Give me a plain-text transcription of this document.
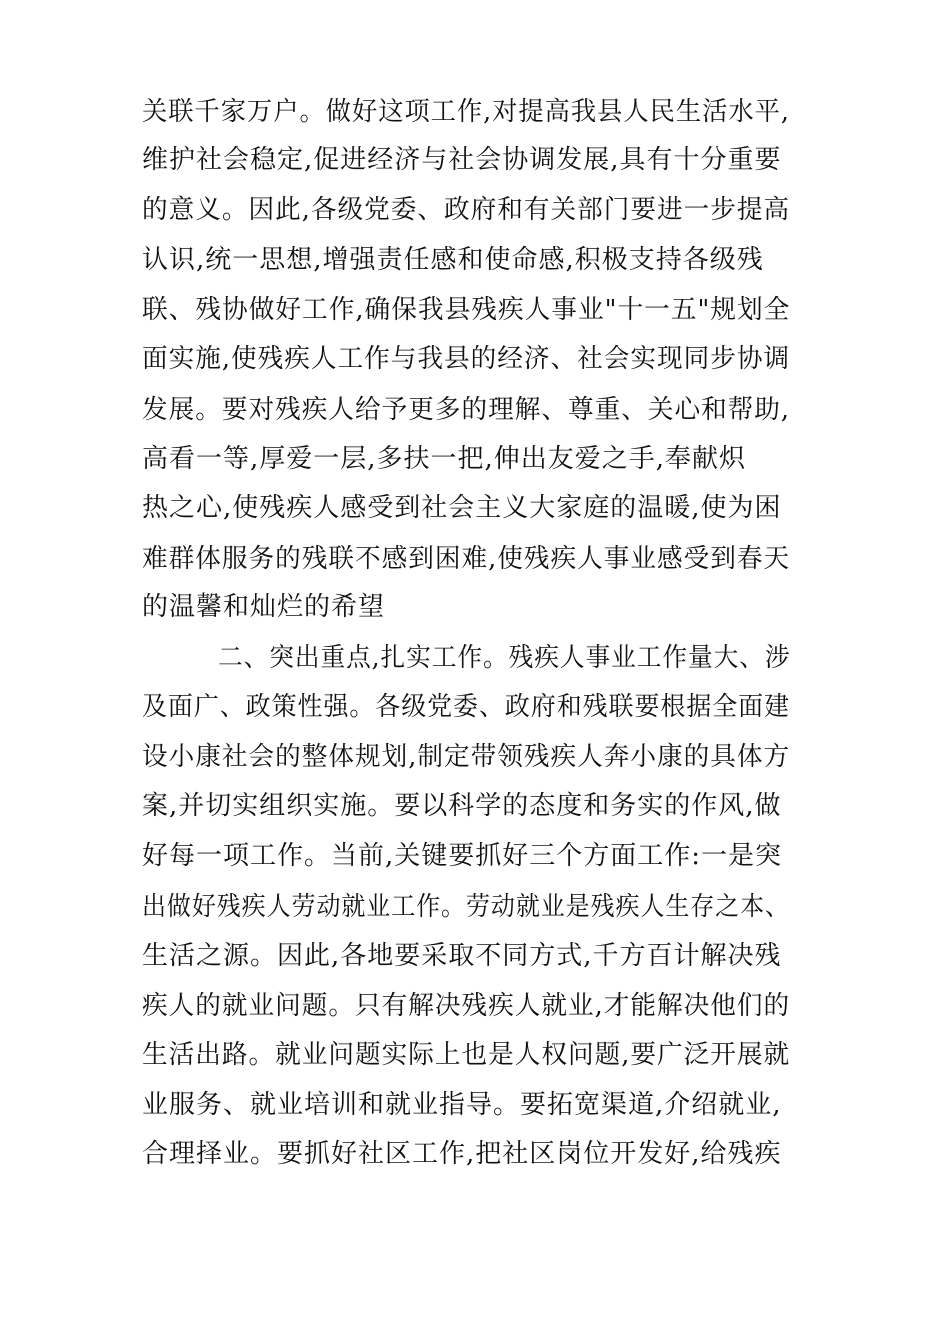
关联千家万户。做好这项工作,对提高我县人民生活水平,
维护社会稳定,促进经济与社会协调发展,具有十分重要
的意义。因此,各级党委、政府和有关部门要进一步提高
认识,统一思想,增强责任感和使命感,积极支持各级残
联、残协做好工作,确保我县残疾人事业"十一五"规划全
面实施,使残疾人工作与我县的经济、社会实现同步协调
发展。要对残疾人给予更多的理解、尊重、关心和帮助,
高看一等,厚爱一层,多扶一把,伸出友爱之手,奉献炽
热之心,使残疾人感受到社会主义大家庭的温暖,使为困
难群体服务的残联不感到困难,使残疾人事业感受到春天
的温馨和灿烂的希望
二、突出重点,扎实工作。残疾人事业工作量大、涉
及面广、政策性强。各级党委、政府和残联要根据全面建
设小康社会的整体规划,制定带领残疾人奔小康的具体方
案,并切实组织实施。要以科学的态度和务实的作风,做
好每一项工作。当前,关键要抓好三个方面工作:一是突
出做好残疾人劳动就业工作。劳动就业是残疾人生存之本、
生活之源。因此,各地要采取不同方式,千方百计解决残
疾人的就业问题。只有解决残疾人就业,才能解决他们的
生活出路。就业问题实际上也是人权问题,要广泛开展就
业服务、就业培训和就业指导。要拓宽渠道,介绍就业,
合理择业。要抓好社区工作,把社区岗位开发好,给残疾
